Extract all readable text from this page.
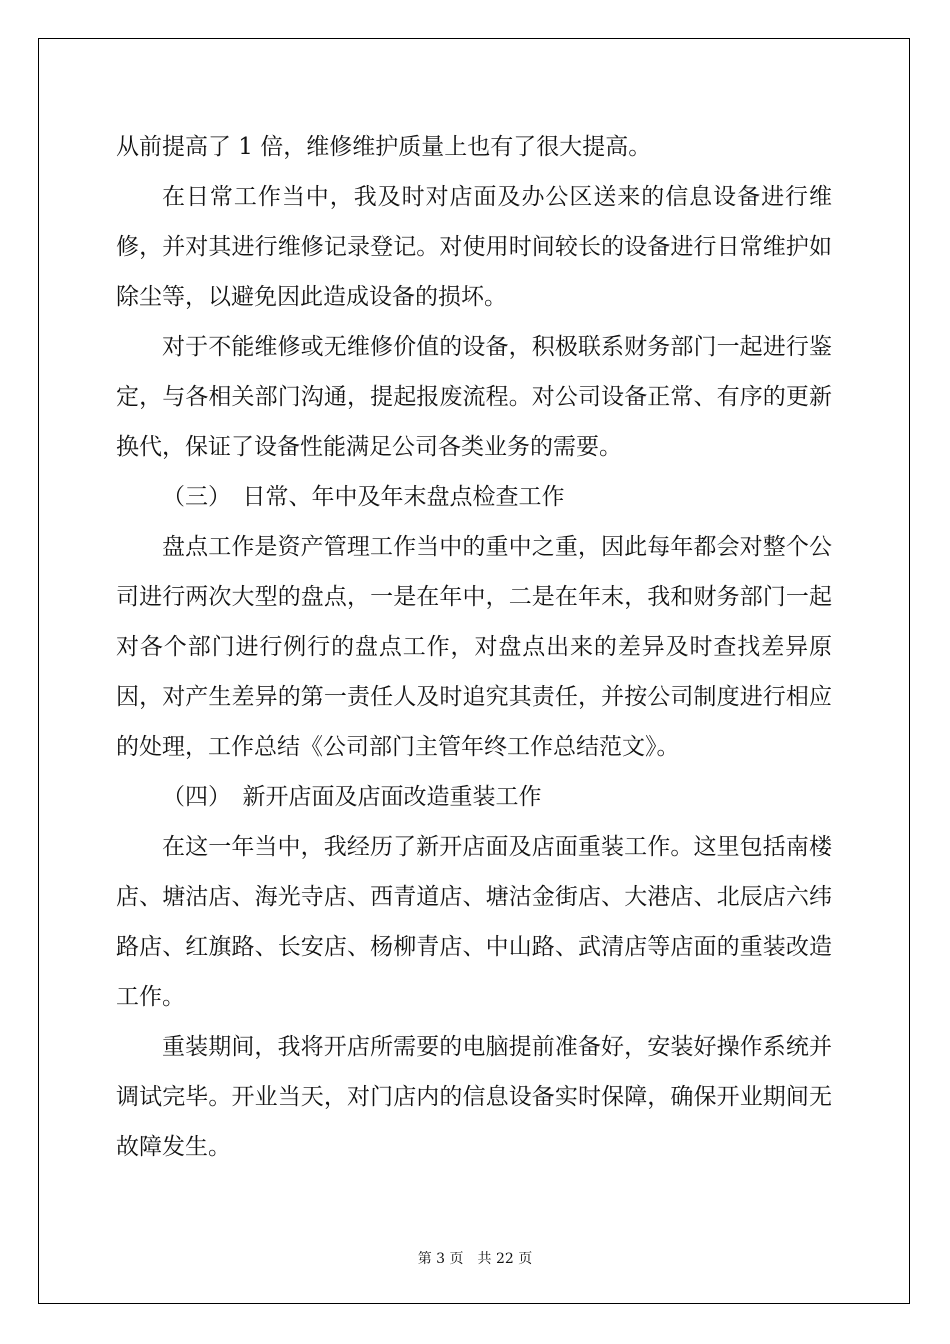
从前提高了 1 倍，维修维护质量上也有了很大提高。

在日常工作当中，我及时对店面及办公区送来的信息设备进行维修，并对其进行维修记录登记。对使用时间较长的设备进行日常维护如除尘等，以避免因此造成设备的损坏。

对于不能维修或无维修价值的设备，积极联系财务部门一起进行鉴定，与各相关部门沟通，提起报废流程。对公司设备正常、有序的更新换代，保证了设备性能满足公司各类业务的需要。

（三）　日常、年中及年末盘点检查工作

盘点工作是资产管理工作当中的重中之重，因此每年都会对整个公司进行两次大型的盘点，一是在年中，二是在年末，我和财务部门一起对各个部门进行例行的盘点工作，对盘点出来的差异及时查找差异原因，对产生差异的第一责任人及时追究其责任，并按公司制度进行相应的处理，工作总结《公司部门主管年终工作总结范文》。

（四）　新开店面及店面改造重装工作

在这一年当中，我经历了新开店面及店面重装工作。这里包括南楼店、塘沽店、海光寺店、西青道店、塘沽金街店、大港店、北辰店六纬路店、红旗路、长安店、杨柳青店、中山路、武清店等店面的重装改造工作。

重装期间，我将开店所需要的电脑提前准备好，安装好操作系统并调试完毕。开业当天，对门店内的信息设备实时保障，确保开业期间无故障发生。

第 3 页　共 22 页
